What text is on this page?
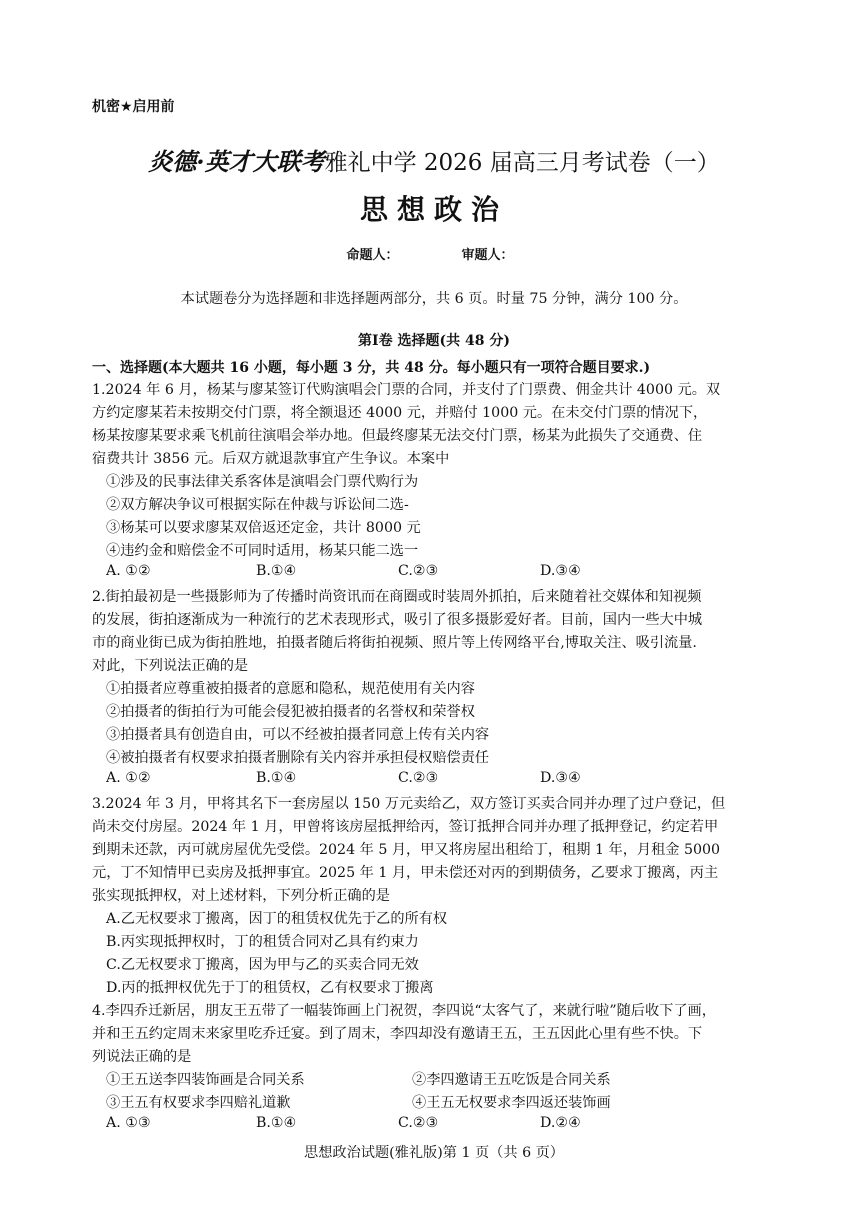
机密★启用前
炎德·英才大联考雅礼中学 2026 届高三月考试卷（一）
思想政治
命题人：	审题人：
本试题卷分为选择题和非选择题两部分，共 6 页。时量 75 分钟，满分 100 分。
第Ⅰ卷 选择题(共 48 分)
一、选择题(本大题共 16 小题，每小题 3 分，共 48 分。每小题只有一项符合题目要求.)
1.2024 年 6 月，杨某与廖某签订代购演唱会门票的合同，并支付了门票费、佣金共计 4000 元。双
方约定廖某若未按期交付门票，将全额退还 4000 元，并赔付 1000 元。在未交付门票的情况下，
杨某按廖某要求乘飞机前往演唱会举办地。但最终廖某无法交付门票，杨某为此损失了交通费、住
宿费共计 3856 元。后双方就退款事宜产生争议。本案中
①涉及的民事法律关系客体是演唱会门票代购行为
②双方解决争议可根据实际在仲裁与诉讼间二选-
③杨某可以要求廖某双倍返还定金，共计 8000 元
④违约金和赔偿金不可同时适用，杨某只能二选一
A. ①②	B.①④	C.②③	D.③④
2.街拍最初是一些摄影师为了传播时尚资讯而在商圈或时装周外抓拍，后来随着社交媒体和知视频
的发展，街拍逐渐成为一种流行的艺术表现形式，吸引了很多摄影爱好者。目前，国内一些大中城
市的商业街已成为街拍胜地，拍摄者随后将街拍视频、照片等上传网络平台,博取关注、吸引流量.
对此，下列说法正确的是
①拍摄者应尊重被拍摄者的意愿和隐私，规范使用有关内容
②拍摄者的街拍行为可能会侵犯被拍摄者的名誉权和荣誉权
③拍摄者具有创造自由，可以不经被拍摄者同意上传有关内容
④被拍摄者有权要求拍摄者删除有关内容并承担侵权赔偿责任
A. ①②	B.①④	C.②③	D.③④
3.2024 年 3 月，甲将其名下一套房屋以 150 万元卖给乙，双方签订买卖合同并办理了过户登记，但
尚未交付房屋。2024 年 1 月，甲曾将该房屋抵押给丙，签订抵押合同并办理了抵押登记，约定若甲
到期未还款，丙可就房屋优先受偿。2024 年 5 月，甲又将房屋出租给丁，租期 1 年，月租金 5000
元，丁不知情甲已卖房及抵押事宜。2025 年 1 月，甲未偿还对丙的到期债务，乙要求丁搬离，丙主
张实现抵押权，对上述材料，下列分析正确的是
A.乙无权要求丁搬离，因丁的租赁权优先于乙的所有权
B.丙实现抵押权时，丁的租赁合同对乙具有约束力
C.乙无权要求丁搬离，因为甲与乙的买卖合同无效
D.丙的抵押权优先于丁的租赁权，乙有权要求丁搬离
4.李四乔迁新居，朋友王五带了一幅装饰画上门祝贺，李四说“太客气了，来就行啦”随后收下了画，
并和王五约定周末来家里吃乔迁宴。到了周末，李四却没有邀请王五，王五因此心里有些不快。下
列说法正确的是
①王五送李四装饰画是合同关系	②李四邀请王五吃饭是合同关系
③王五有权要求李四赔礼道歉	④王五无权要求李四返还装饰画
A. ①③	B.①④	C.②③	D.②④
思想政治试题(雅礼版)第 1 页（共 6 页）
